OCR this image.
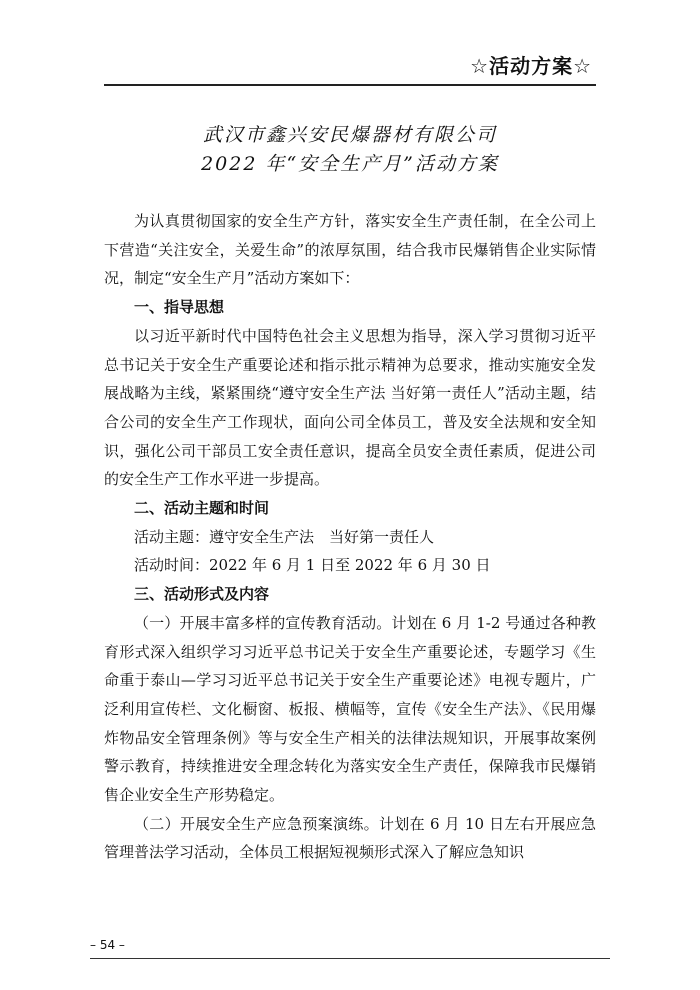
☆活动方案☆
武汉市鑫兴安民爆器材有限公司
2022 年“安全生产月”活动方案

为认真贯彻国家的安全生产方针，落实安全生产责任制，在全公司上下营造“关注安全，关爱生命”的浓厚氛围，结合我市民爆销售企业实际情况，制定“安全生产月”活动方案如下：

一、指导思想

以习近平新时代中国特色社会主义思想为指导，深入学习贯彻习近平总书记关于安全生产重要论述和指示批示精神为总要求，推动实施安全发展战略为主线，紧紧围绕“遵守安全生产法 当好第一责任人”活动主题，结合公司的安全生产工作现状，面向公司全体员工，普及安全法规和安全知识，强化公司干部员工安全责任意识，提高全员安全责任素质，促进公司的安全生产工作水平进一步提高。

二、活动主题和时间

活动主题：遵守安全生产法　当好第一责任人

活动时间：2022 年 6 月 1 日至 2022 年 6 月 30 日

三、活动形式及内容

（一）开展丰富多样的宣传教育活动。计划在 6 月 1-2 号通过各种教育形式深入组织学习习近平总书记关于安全生产重要论述，专题学习《生命重于泰山—学习习近平总书记关于安全生产重要论述》电视专题片，广泛利用宣传栏、文化橱窗、板报、横幅等，宣传《安全生产法》、《民用爆炸物品安全管理条例》等与安全生产相关的法律法规知识，开展事故案例警示教育，持续推进安全理念转化为落实安全生产责任，保障我市民爆销售企业安全生产形势稳定。

（二）开展安全生产应急预案演练。计划在 6 月 10 日左右开展应急管理普法学习活动，全体员工根据短视频形式深入了解应急知识

– 54 –
